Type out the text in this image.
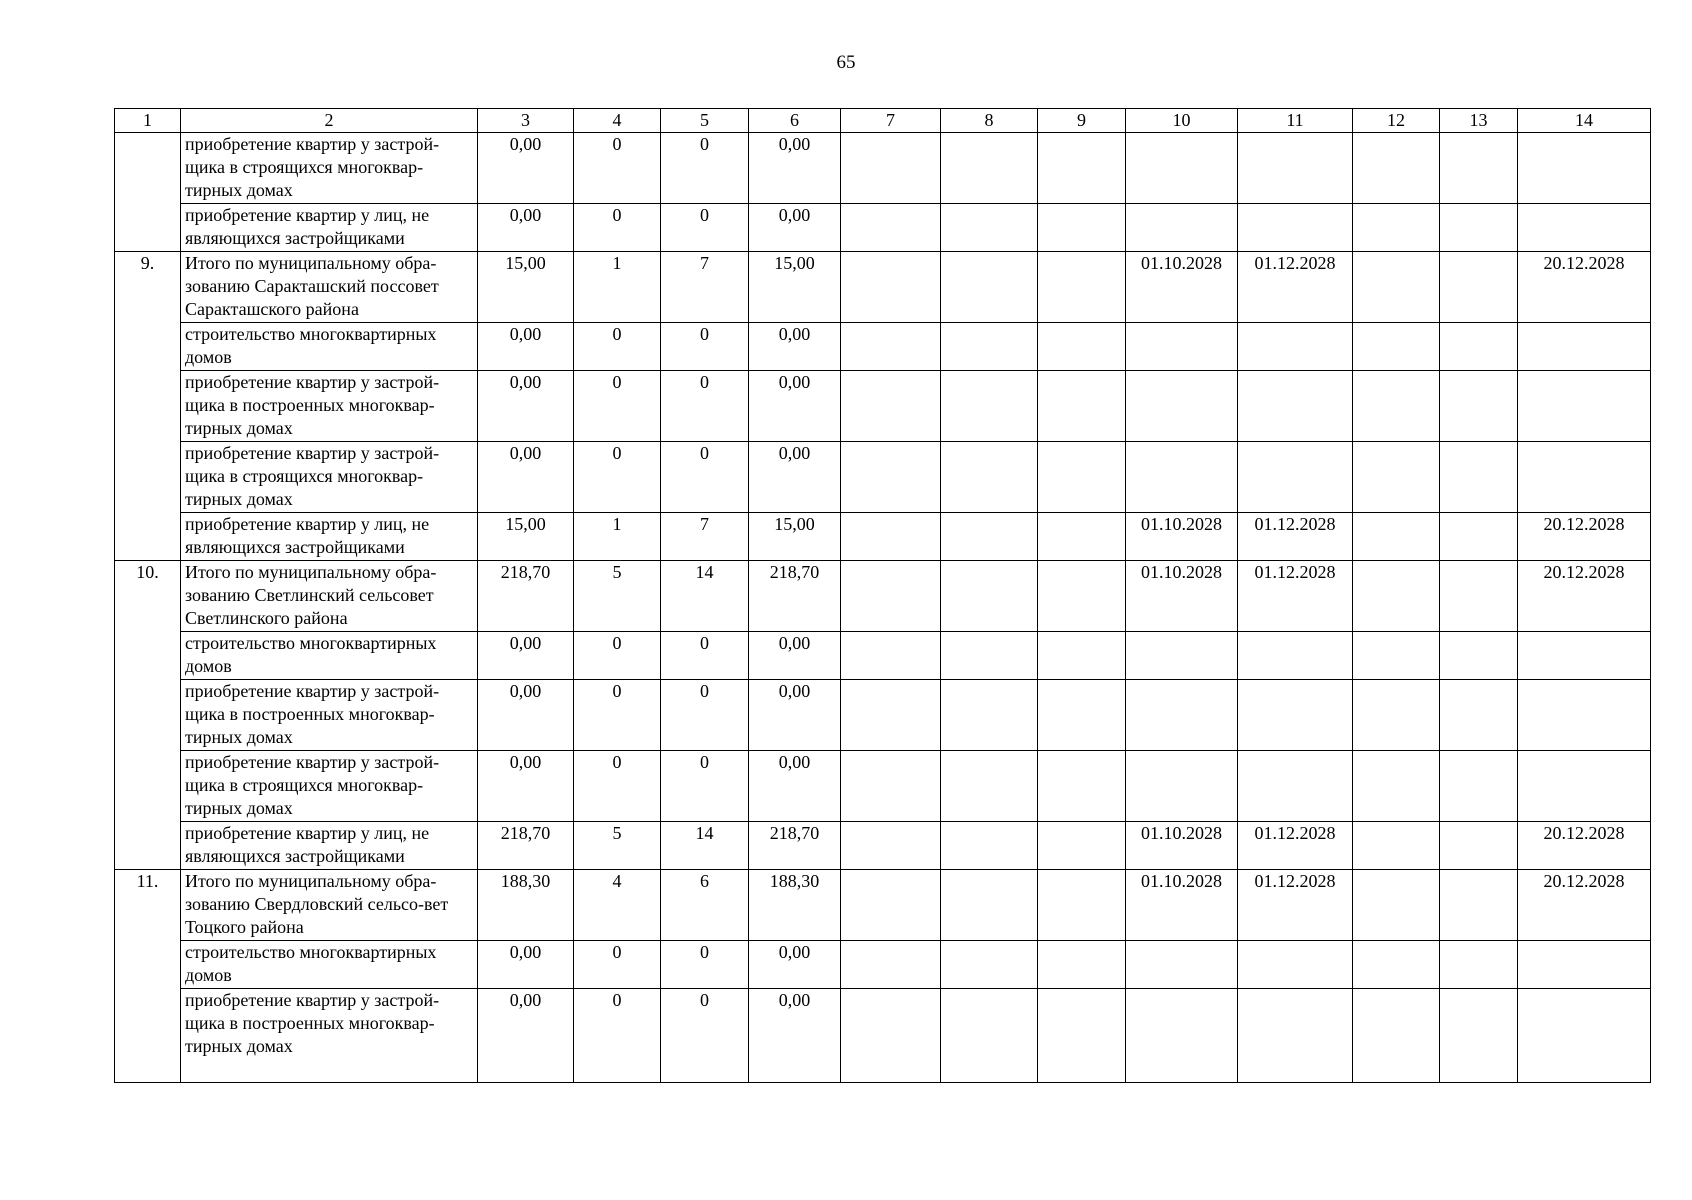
65
1	2	3	4	5	6	7	8	9	10	11	12	13	14
	приобретение квартир у застрой-щика в строящихся многоквар-тирных домах	0,00	0	0	0,00								
	приобретение квартир у лиц, не являющихся застройщиками	0,00	0	0	0,00								
9.	Итого по муниципальному обра-зованию Саракташский поссовет Саракташского района	15,00	1	7	15,00				01.10.2028	01.12.2028			20.12.2028
	строительство многоквартирных домов	0,00	0	0	0,00								
	приобретение квартир у застрой-щика в построенных многоквар-тирных домах	0,00	0	0	0,00								
	приобретение квартир у застрой-щика в строящихся многоквар-тирных домах	0,00	0	0	0,00								
	приобретение квартир у лиц, не являющихся застройщиками	15,00	1	7	15,00				01.10.2028	01.12.2028			20.12.2028
10.	Итого по муниципальному обра-зованию Светлинский сельсовет Светлинского района	218,70	5	14	218,70				01.10.2028	01.12.2028			20.12.2028
	строительство многоквартирных домов	0,00	0	0	0,00								
	приобретение квартир у застрой-щика в построенных многоквар-тирных домах	0,00	0	0	0,00								
	приобретение квартир у застрой-щика в строящихся многоквар-тирных домах	0,00	0	0	0,00								
	приобретение квартир у лиц, не являющихся застройщиками	218,70	5	14	218,70				01.10.2028	01.12.2028			20.12.2028
11.	Итого по муниципальному обра-зованию Свердловский сельсо-вет Тоцкого района	188,30	4	6	188,30				01.10.2028	01.12.2028			20.12.2028
	строительство многоквартирных домов	0,00	0	0	0,00								
	приобретение квартир у застрой-щика в построенных многоквар-тирных домах	0,00	0	0	0,00								
